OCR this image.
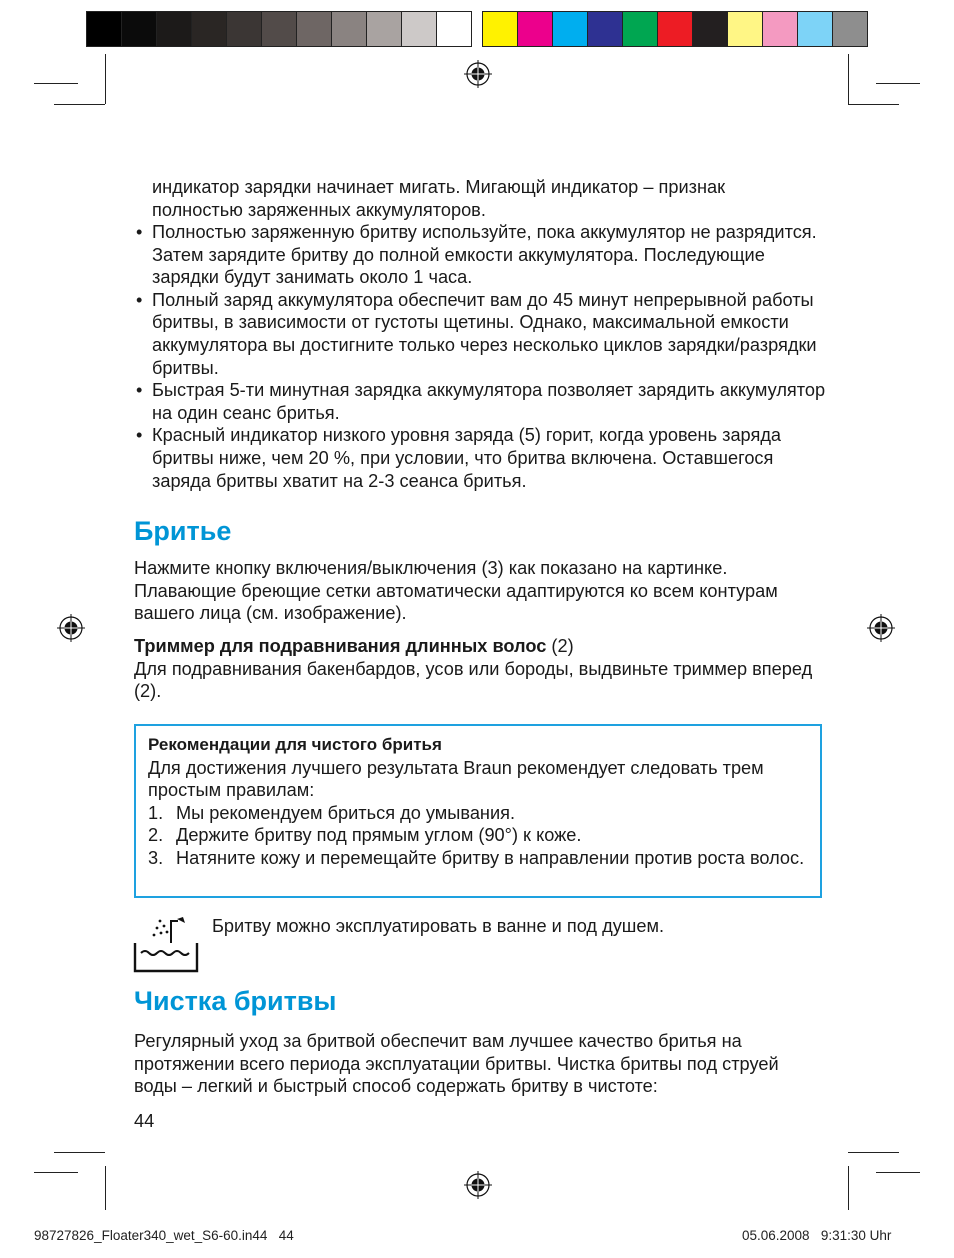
индикатор зарядки начинает мигать. Мигающй индикатор – признак
полностью заряженных аккумуляторов.
• Полностью заряженную бритву используйте, пока аккумулятор не разрядится. Затем зарядите бритву до полной емкости аккумулятора. Последующие зарядки будут занимать около 1 часа.
• Полный заряд аккумулятора обеспечит вам до 45 минут непрерывной работы бритвы, в зависимости от густоты щетины. Однако, максимальной емкости аккумулятора вы достигните только через несколько циклов зарядки/разрядки бритвы.
• Быстрая 5-ти минутная зарядка аккумулятора позволяет зарядить аккумулятор на один сеанс бритья.
• Красный индикатор низкого уровня заряда (5) горит, когда уровень заряда бритвы ниже, чем 20 %, при условии, что бритва включена. Оставшегося заряда бритвы хватит на 2-3 сеанса бритья.
Бритье
Нажмите кнопку включения/выключения (3) как показано на картинке. Плавающие бреющие сетки автоматически адаптируются ко всем контурам вашего лица (см. изображение).
Триммер для подравнивания длинных волос (2)
Для подравнивания бакенбардов, усов или бороды, выдвиньте триммер вперед (2).
Рекомендации для чистого бритья
Для достижения лучшего результата Braun рекомендует следовать трем простым правилам:
1. Мы рекомендуем бриться до умывания.
2. Держите бритву под прямым углом (90°) к коже.
3. Натяните кожу и перемещайте бритву в направлении против роста волос.
Бритву можно эксплуатировать в ванне и под душем.
Чистка бритвы
Регулярный уход за бритвой обеспечит вам лучшее качество бритья на протяжении всего периода эксплуатации бритвы. Чистка бритвы под струей воды – легкий и быстрый способ содержать бритву в чистоте:
44
98727826_Floater340_wet_S6-60.in44   44	05.06.2008   9:31:30 Uhr
